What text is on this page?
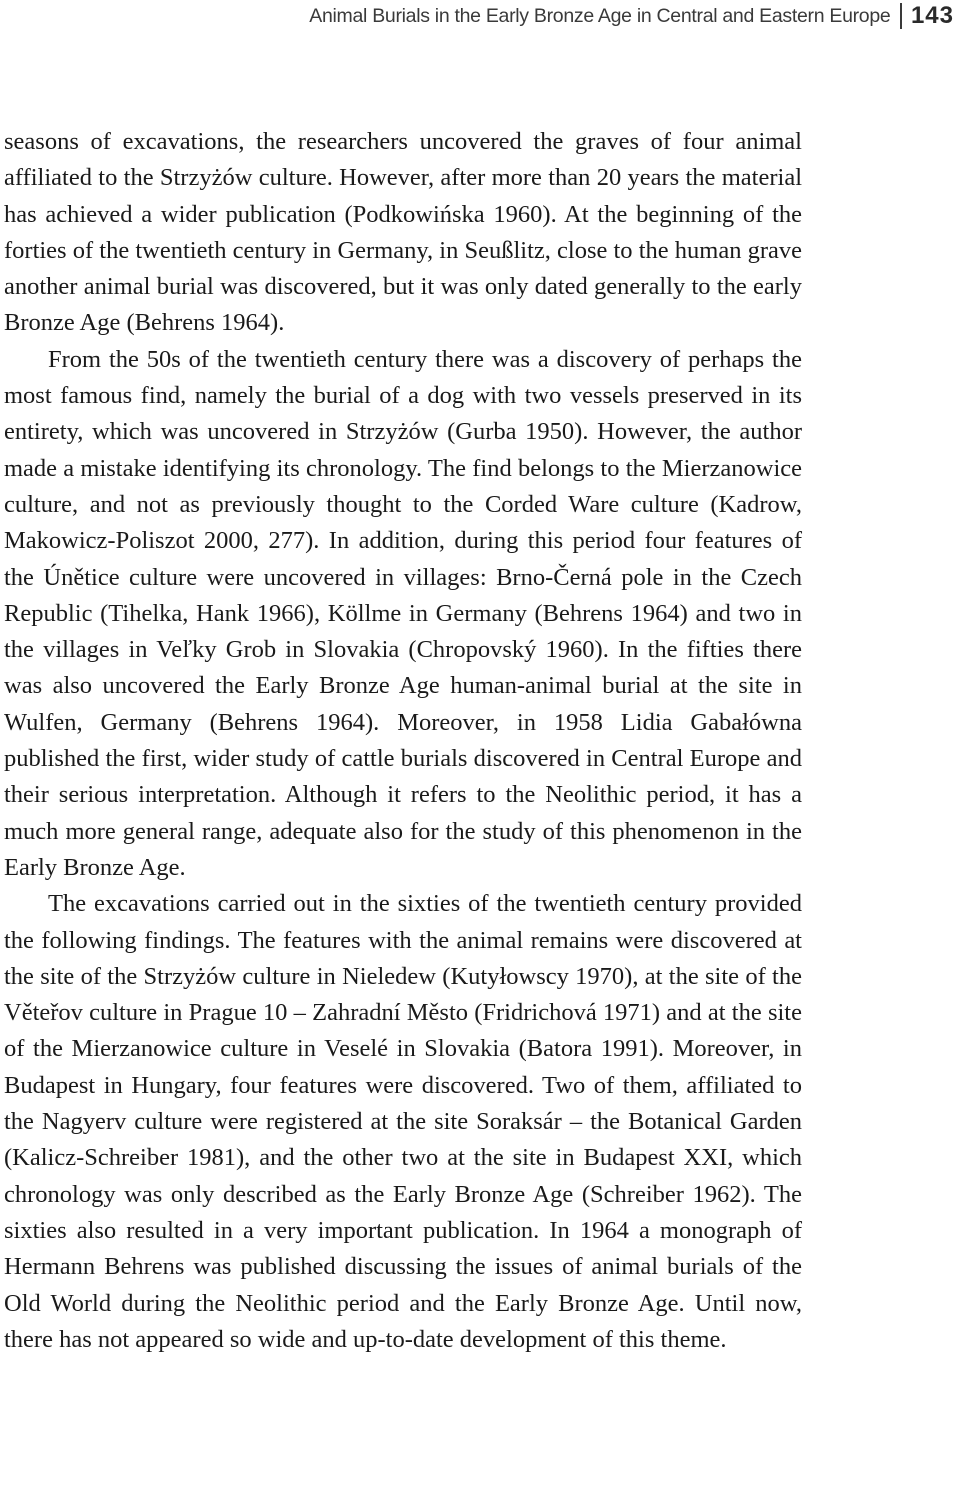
Animal Burials in the Early Bronze Age in Central and Eastern Europe 143

seasons of excavations, the researchers uncovered the graves of four animal affiliated to the Strzyżów culture. However, after more than 20 years the material has achieved a wider publication (Podkowińska 1960). At the beginning of the forties of the twentieth century in Germany, in Seußlitz, close to the human grave another animal burial was discovered, but it was only dated generally to the early Bronze Age (Behrens 1964).

From the 50s of the twentieth century there was a discovery of perhaps the most famous find, namely the burial of a dog with two vessels preserved in its entirety, which was uncovered in Strzyżów (Gurba 1950). However, the author made a mistake identifying its chronology. The find belongs to the Mierzanowice culture, and not as previously thought to the Corded Ware culture (Kadrow, Makowicz-Poliszot 2000, 277). In addition, during this period four features of the Únětice culture were uncovered in villages: Brno-Černá pole in the Czech Republic (Tihelka, Hank 1966), Köllme in Germany (Behrens 1964) and two in the villages in Veľky Grob in Slovakia (Chropovský 1960). In the fifties there was also uncovered the Early Bronze Age human-animal burial at the site in Wulfen, Germany (Behrens 1964). Moreover, in 1958 Lidia Gabałówna published the first, wider study of cattle burials discovered in Central Europe and their serious interpretation. Although it refers to the Neolithic period, it has a much more general range, adequate also for the study of this phenomenon in the Early Bronze Age.

The excavations carried out in the sixties of the twentieth century provided the following findings. The features with the animal remains were discovered at the site of the Strzyżów culture in Nieledew (Kutyłowscy 1970), at the site of the Věteřov culture in Prague 10 – Zahradní Město (Fridrichová 1971) and at the site of the Mierzanowice culture in Veselé in Slovakia (Batora 1991). Moreover, in Budapest in Hungary, four features were discovered. Two of them, affiliated to the Nagyerv culture were registered at the site Soraksár – the Botanical Garden (Kalicz-Schreiber 1981), and the other two at the site in Budapest XXI, which chronology was only described as the Early Bronze Age (Schreiber 1962). The sixties also resulted in a very important publication. In 1964 a monograph of Hermann Behrens was published discussing the issues of animal burials of the Old World during the Neolithic period and the Early Bronze Age. Until now, there has not appeared so wide and up-to-date development of this theme.
